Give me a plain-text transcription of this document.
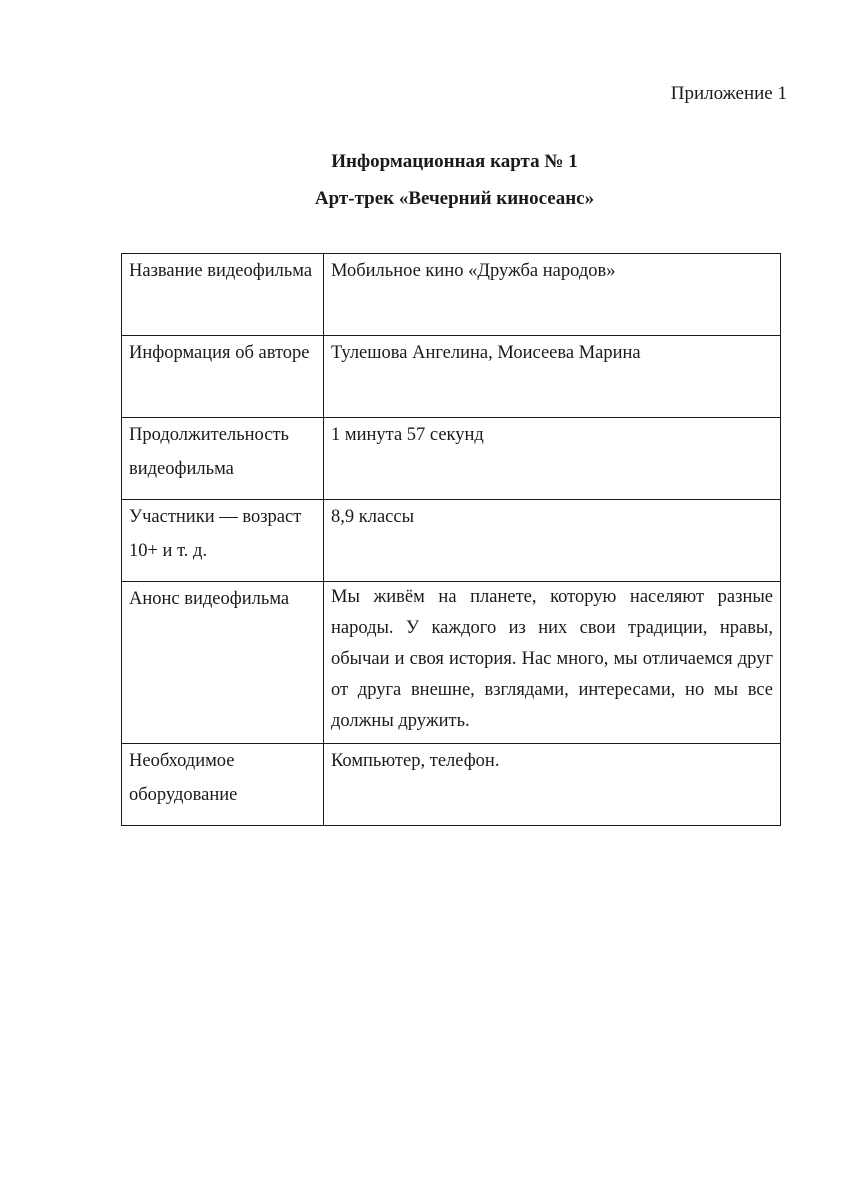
Приложение 1

Информационная карта № 1

Арт-трек «Вечерний киносеанс»

Название видеофильма	Мобильное кино «Дружба народов»
Информация об авторе	Тулешова Ангелина, Моисеева Марина
Продолжительность видеофильма	1 минута 57 секунд
Участники — возраст 10+ и т. д.	8,9 классы
Анонс видеофильма	Мы живём на планете, которую населяют разные народы. У каждого из них свои традиции, нравы, обычаи и своя история. Нас много, мы отличаемся друг от друга внешне, взглядами, интересами, но мы все должны дружить.
Необходимое оборудование	Компьютер, телефон.
